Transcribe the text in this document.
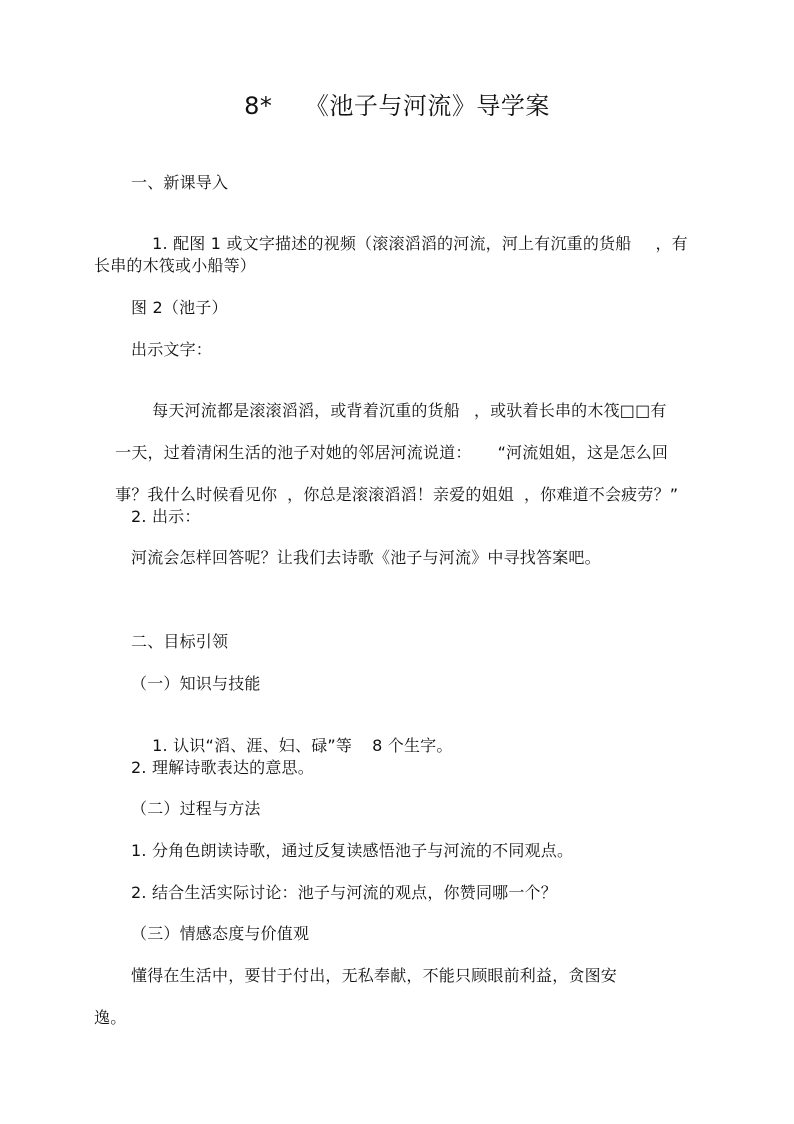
8*    《池子与河流》导学案
一、新课导入

1. 配图 1 或文字描述的视频（滚滚滔滔的河流，河上有沉重的货船 ，有

长串的木筏或小船等）
图 2（池子）
出示文字：

每天河流都是滚滚滔滔，或背着沉重的货船 ，或驮着长串的木筏□□有

一天，过着清闲生活的池子对她的邻居河流说道： “河流姐姐，这是怎么回

事？我什么时候看见你 ，你总是滚滚滔滔！亲爱的姐姐 ，你难道不会疲劳？”

2. 出示：
河流会怎样回答呢？让我们去诗歌《池子与河流》中寻找答案吧。
二、目标引领
（一）知识与技能

1. 认识“滔、涯、妇、碌”等 8 个生字。

2. 理解诗歌表达的意思。
（二）过程与方法
1. 分角色朗读诗歌，通过反复读感悟池子与河流的不同观点。
2. 结合生活实际讨论：池子与河流的观点，你赞同哪一个？
（三）情感态度与价值观
懂得在生活中，要甘于付出，无私奉献，不能只顾眼前利益，贪图安
逸。
